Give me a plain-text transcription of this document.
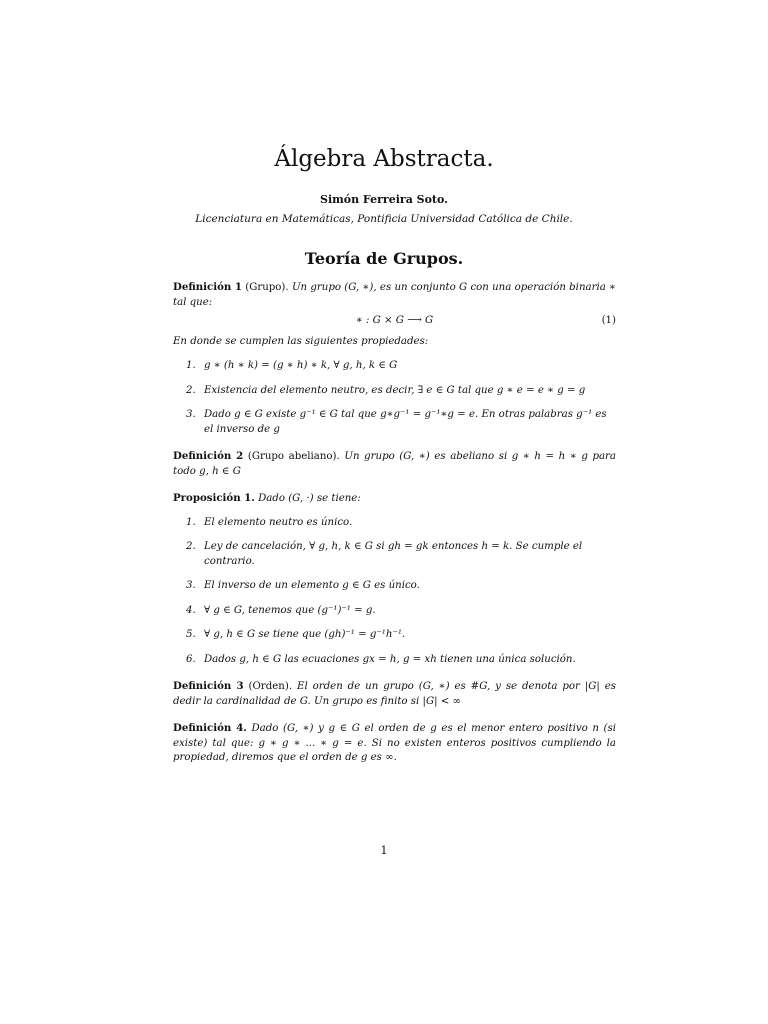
Álgebra Abstracta.
Simón Ferreira Soto.
Licenciatura en Matemáticas, Pontificia Universidad Católica de Chile.
Teoría de Grupos.
Definición 1 (Grupo). Un grupo (G, ∗), es un conjunto G con una operación binaria ∗ tal que:
∗ : G × G ⟶ G	(1)
En donde se cumplen las siguientes propiedades:
1. g ∗ (h ∗ k) = (g ∗ h) ∗ k, ∀ g, h, k ∈ G
2. Existencia del elemento neutro, es decir, ∃ e ∈ G tal que g ∗ e = e ∗ g = g
3. Dado g ∈ G existe g⁻¹ ∈ G tal que g∗g⁻¹ = g⁻¹∗g = e. En otras palabras g⁻¹ es el inverso de g
Definición 2 (Grupo abeliano). Un grupo (G, ∗) es abeliano si g ∗ h = h ∗ g para todo g, h ∈ G
Proposición 1. Dado (G, ·) se tiene:
1. El elemento neutro es único.
2. Ley de cancelación, ∀ g, h, k ∈ G si gh = gk entonces h = k. Se cumple el contrario.
3. El inverso de un elemento g ∈ G es único.
4. ∀ g ∈ G, tenemos que (g⁻¹)⁻¹ = g.
5. ∀ g, h ∈ G se tiene que (gh)⁻¹ = g⁻¹h⁻¹.
6. Dados g, h ∈ G las ecuaciones gx = h, g = xh tienen una única solución.
Definición 3 (Orden). El orden de un grupo (G, ∗) es #G, y se denota por |G| es dedir la cardinalidad de G. Un grupo es finito si |G| < ∞
Definición 4. Dado (G, ∗) y g ∈ G el orden de g es el menor entero positivo n (si existe) tal que: g ∗ g ∗ ... ∗ g = e. Si no existen enteros positivos cumpliendo la propiedad, diremos que el orden de g es ∞.
1
